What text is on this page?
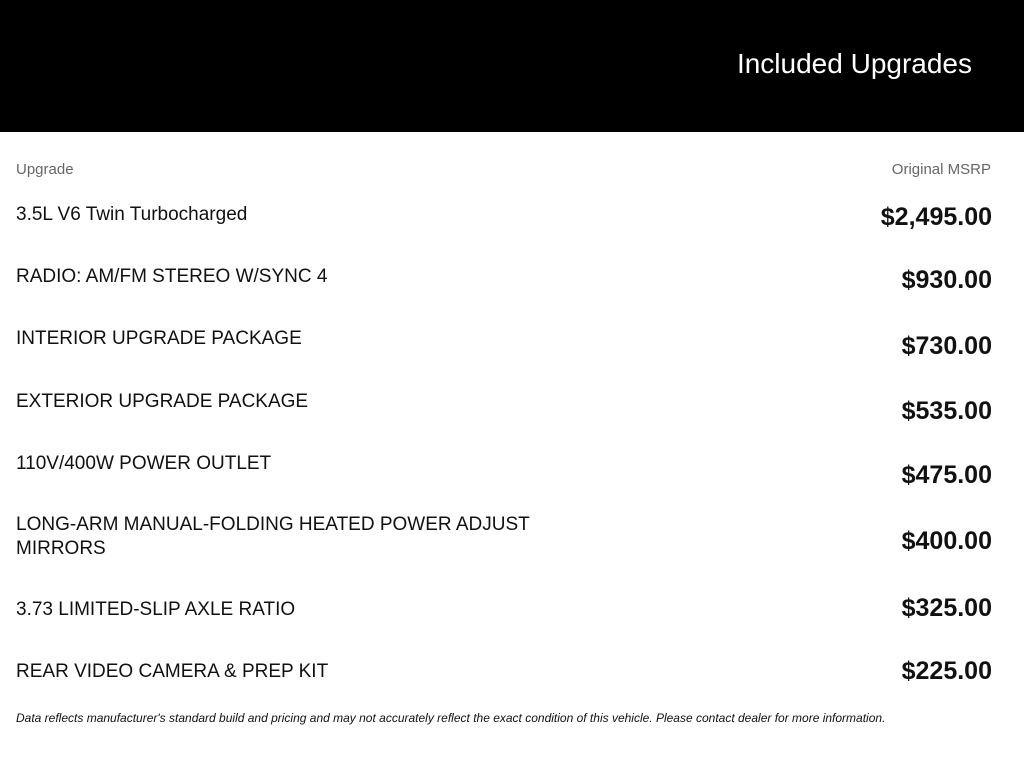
Included Upgrades
Upgrade	Original MSRP
3.5L V6 Twin Turbocharged	$2,495.00
RADIO: AM/FM STEREO W/SYNC 4	$930.00
INTERIOR UPGRADE PACKAGE	$730.00
EXTERIOR UPGRADE PACKAGE	$535.00
110V/400W POWER OUTLET	$475.00
LONG-ARM MANUAL-FOLDING HEATED POWER ADJUST MIRRORS	$400.00
3.73 LIMITED-SLIP AXLE RATIO	$325.00
REAR VIDEO CAMERA & PREP KIT	$225.00
Data reflects manufacturer's standard build and pricing and may not accurately reflect the exact condition of this vehicle. Please contact dealer for more information.
